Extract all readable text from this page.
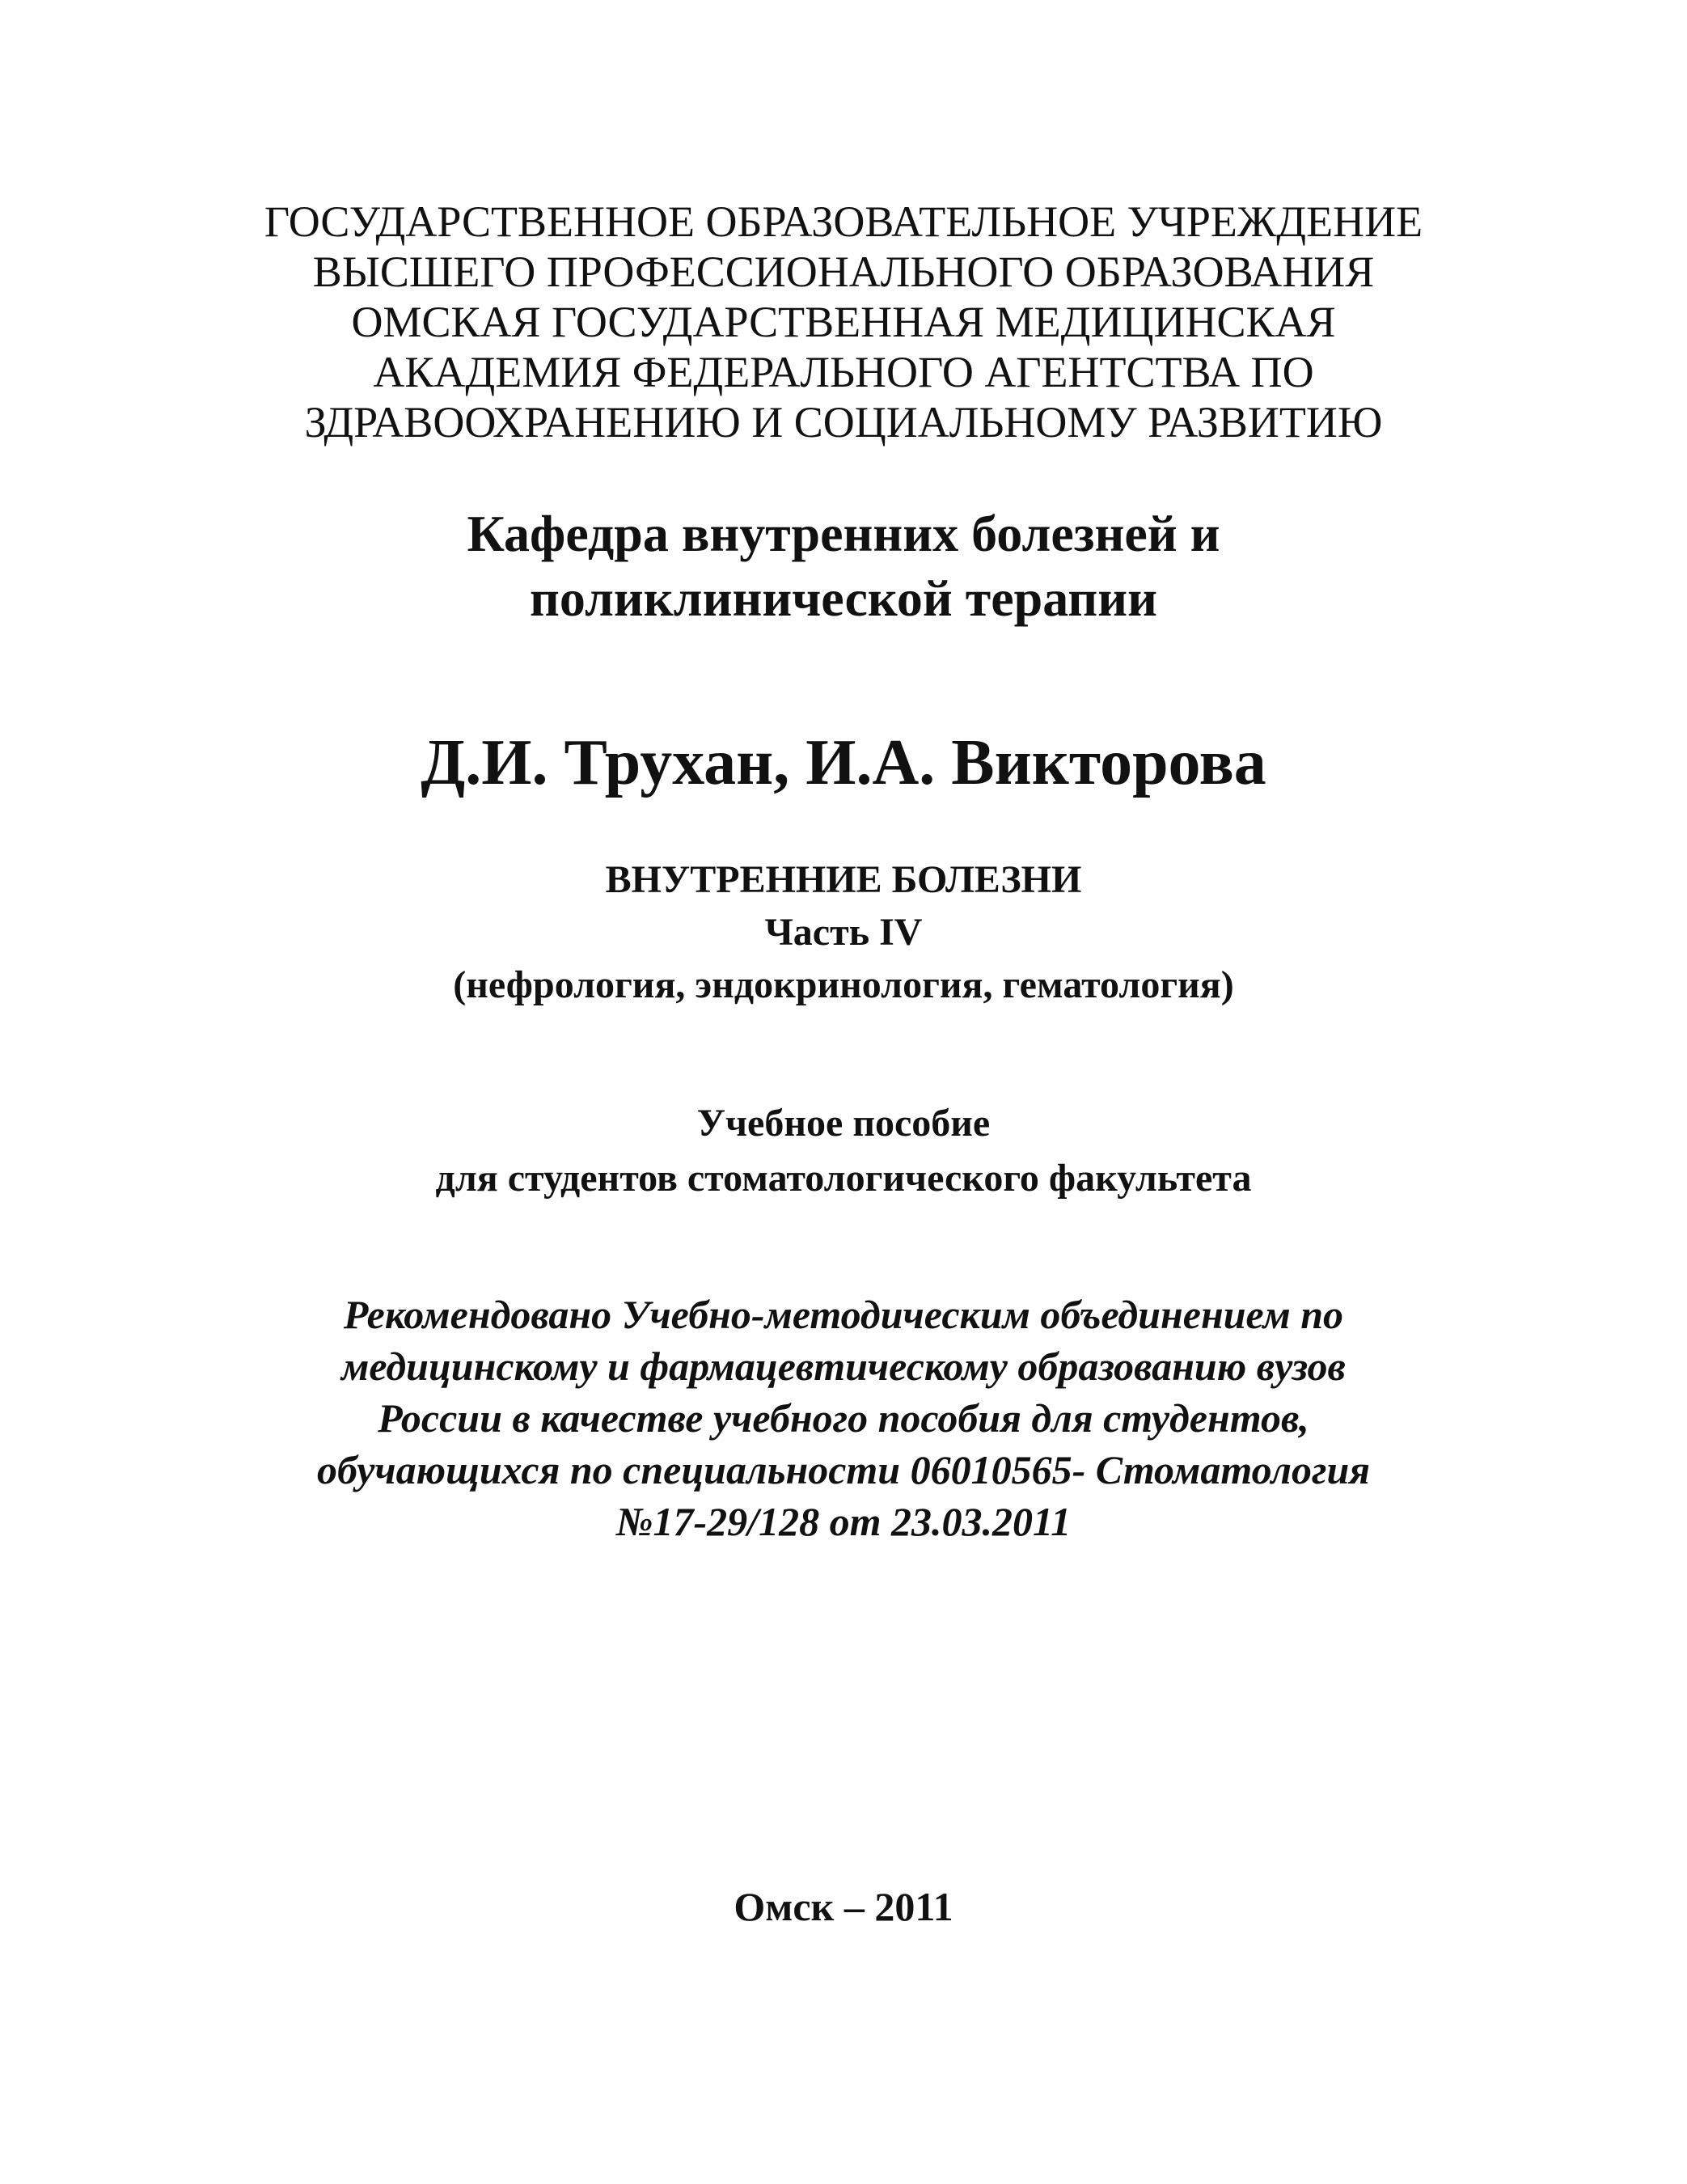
ГОСУДАРСТВЕННОЕ ОБРАЗОВАТЕЛЬНОЕ УЧРЕЖДЕНИЕ
ВЫСШЕГО ПРОФЕССИОНАЛЬНОГО ОБРАЗОВАНИЯ
ОМСКАЯ ГОСУДАРСТВЕННАЯ МЕДИЦИНСКАЯ
АКАДЕМИЯ ФЕДЕРАЛЬНОГО АГЕНТСТВА ПО
ЗДРАВООХРАНЕНИЮ И СОЦИАЛЬНОМУ РАЗВИТИЮ
Кафедра внутренних болезней и
поликлинической терапии
Д.И. Трухан, И.А. Викторова
ВНУТРЕННИЕ БОЛЕЗНИ
Часть IV
(нефрология, эндокринология, гематология)
Учебное пособие
для студентов стоматологического факультета
Рекомендовано Учебно-методическим объединением по
медицинскому и фармацевтическому образованию вузов
России в качестве учебного пособия для студентов,
обучающихся по специальности 06010565- Стоматология
№17-29/128 от 23.03.2011
Омск – 2011
